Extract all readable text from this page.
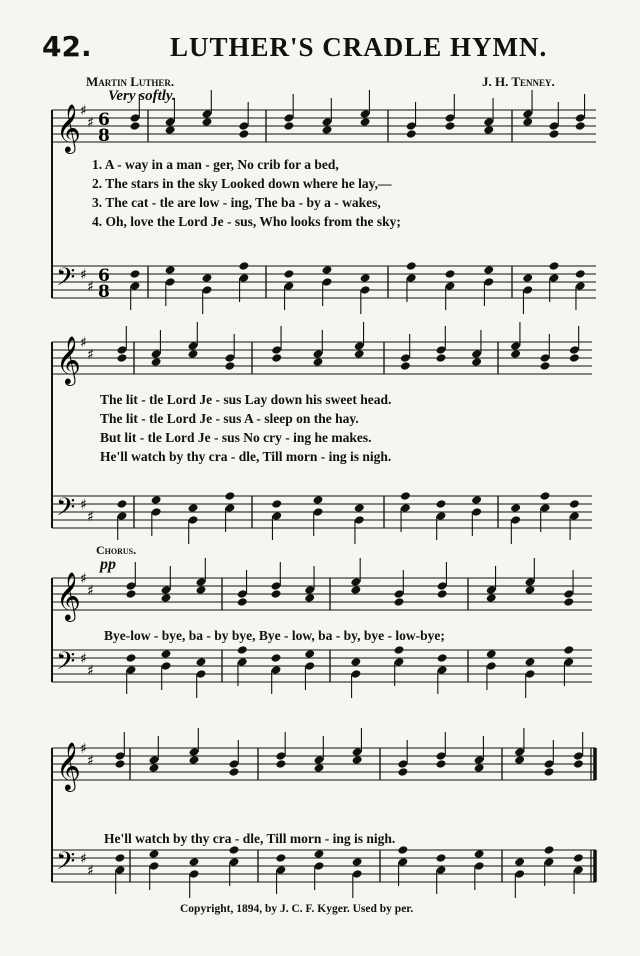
42.	LUTHER'S CRADLE HYMN.
Martin Luther.	J. H. Tenney.
Very softly.
𝄞
𝄢
♯
♯
♯
♯
6
8
6
8
𝄞
𝄢
♯
♯
♯
♯
𝄞
𝄢
♯
♯
♯
♯
𝄞
𝄢
♯
♯
♯
♯
1. A - way in a man - ger, No crib for a bed,
2. The stars in the sky Looked down where he lay,—
3. The cat - tle are low - ing, The ba - by a - wakes,
4. Oh, love the Lord Je - sus, Who looks from the sky;
The lit - tle Lord Je - sus Lay down his sweet head.
The lit - tle Lord Je - sus A - sleep on the hay.
But lit - tle Lord Je - sus No cry - ing he makes.
He'll watch by thy cra - dle, Till morn - ing is nigh.
Chorus.
pp
Bye-low - bye, ba - by bye, Bye - low, ba - by, bye - low-bye;
He'll watch by thy cra - dle, Till morn - ing is nigh.
Copyright, 1894, by J. C. F. Kyger. Used by per.
